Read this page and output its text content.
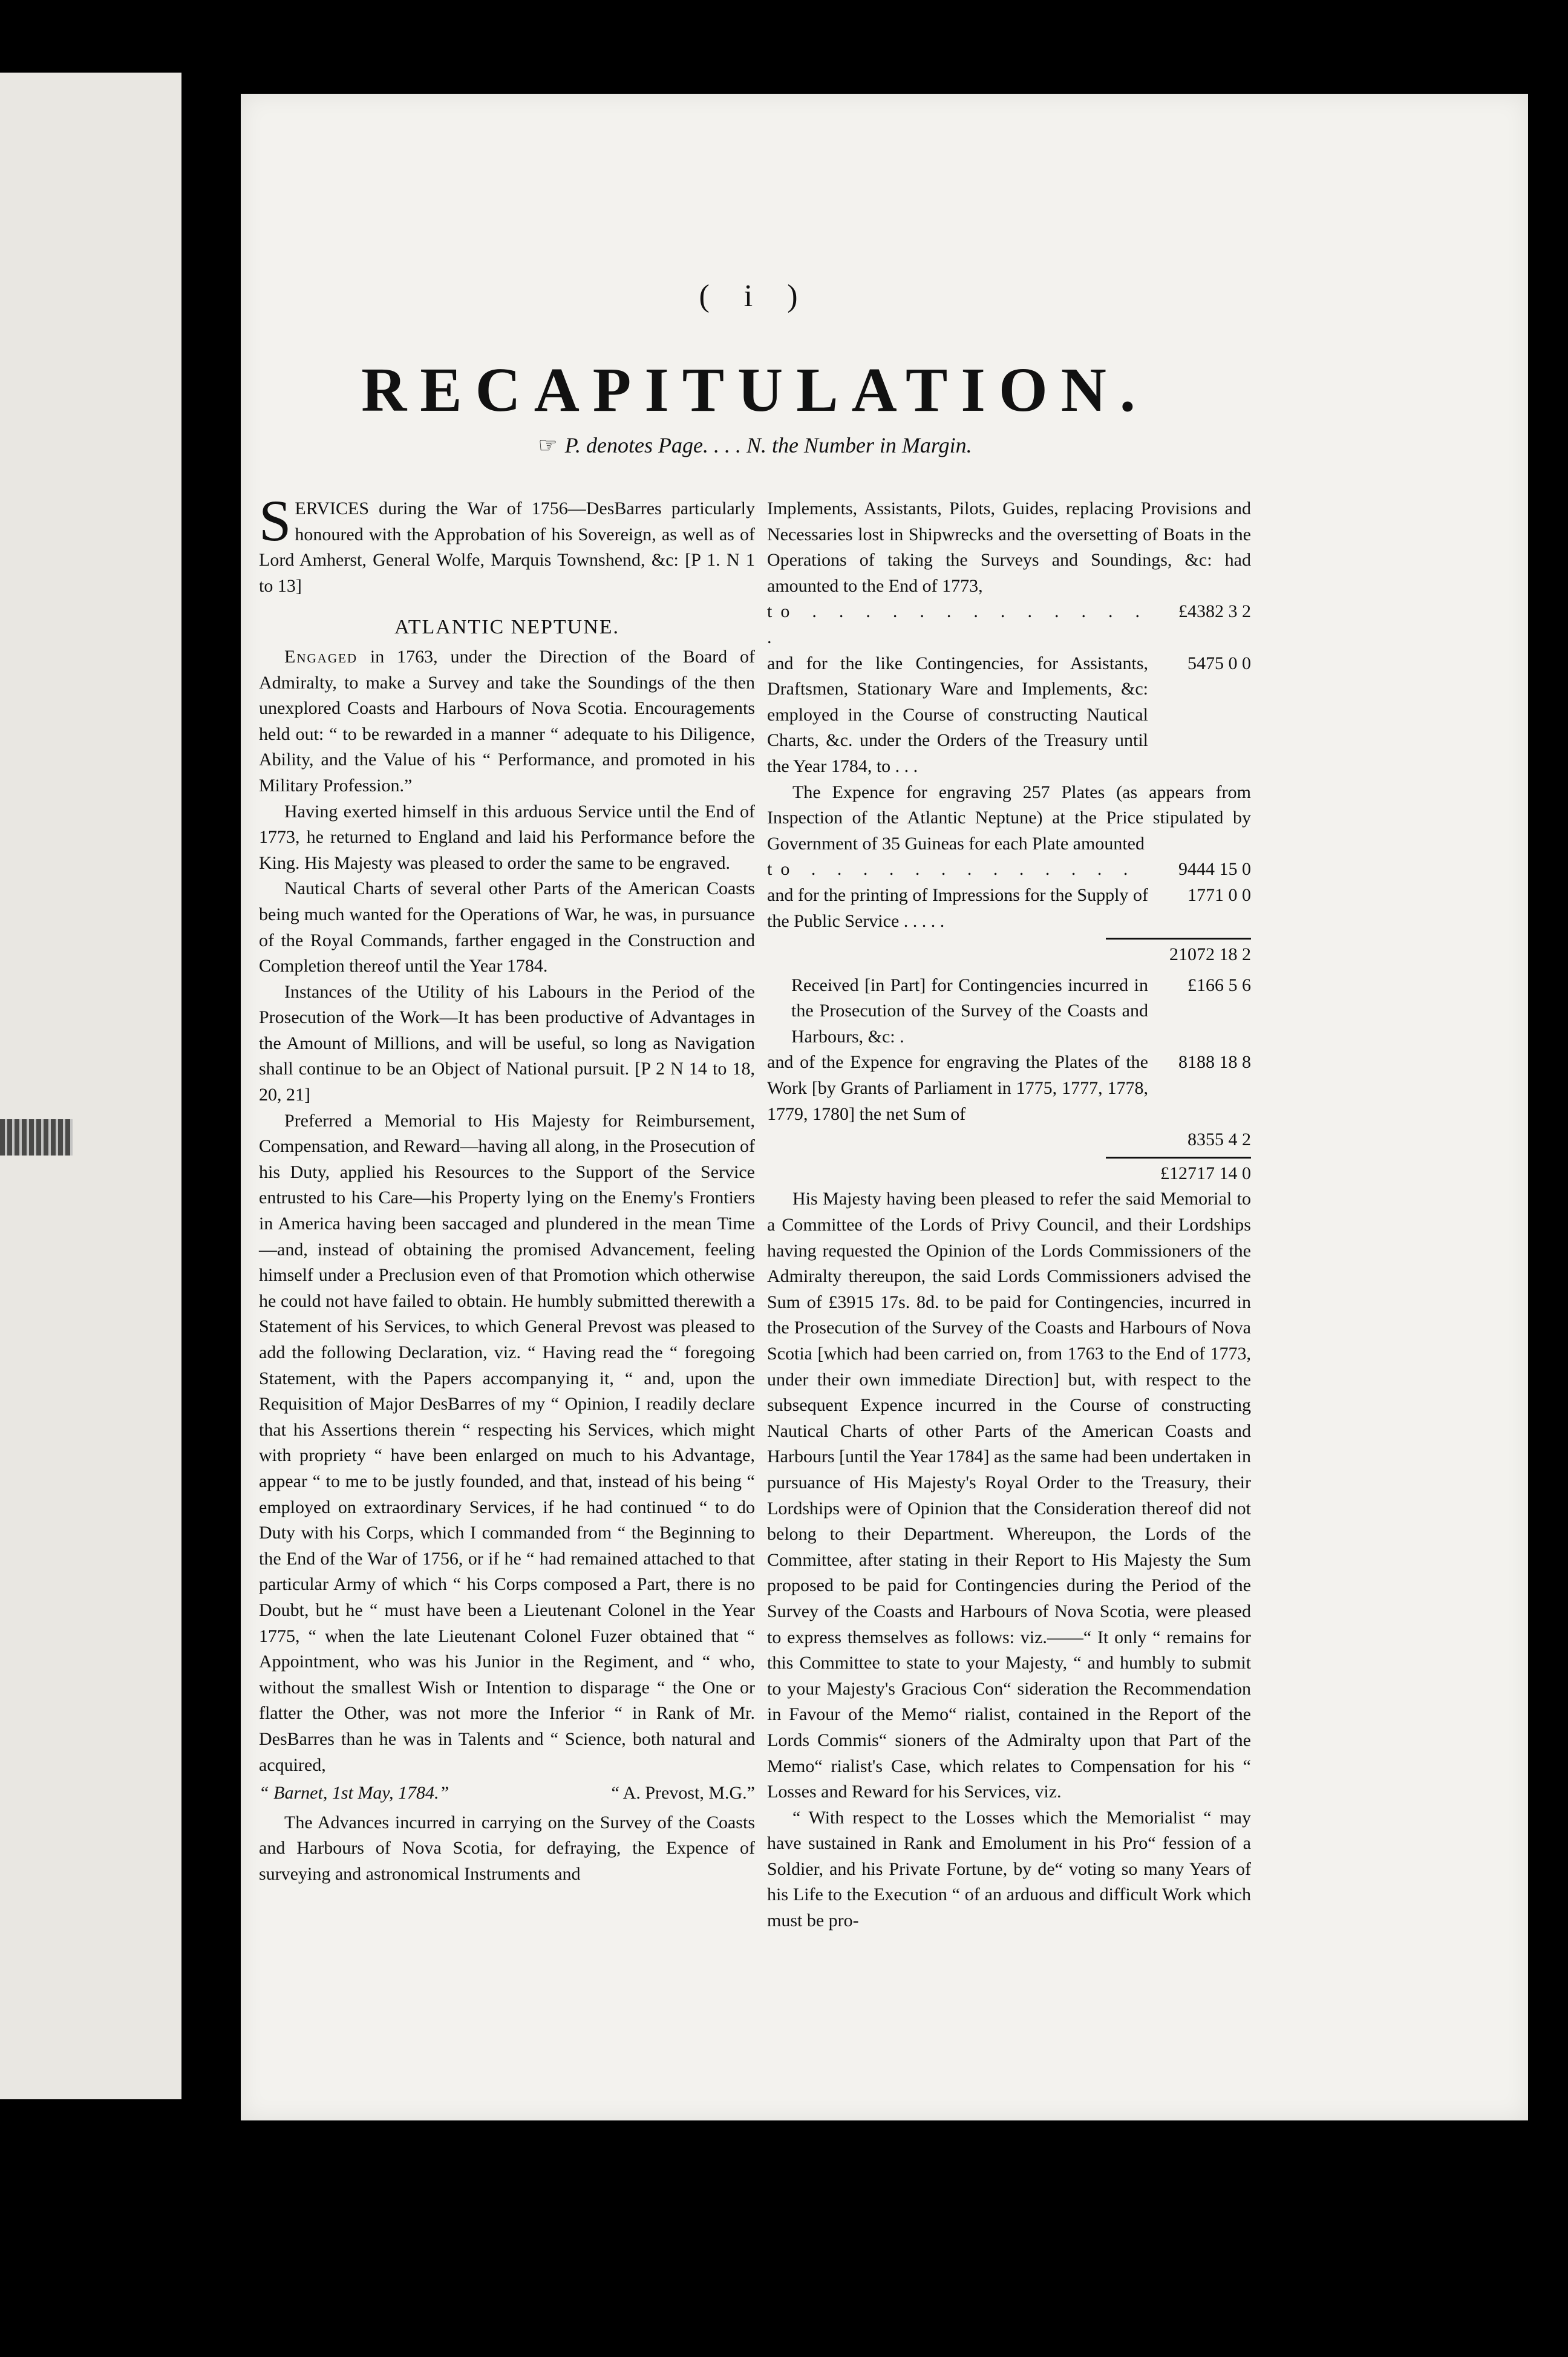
( i )
RECAPITULATION.
☞ P. denotes Page. . . . N. the Number in Margin.

SERVICES during the War of 1756—DesBarres particularly honoured with the Approbation of his Sovereign, as well as of Lord Amherst, General Wolfe, Marquis Townshend, &c: [P 1. N 1 to 13]

ATLANTIC NEPTUNE.

Engaged in 1763, under the Direction of the Board of Admiralty, to make a Survey and take the Soundings of the then unexplored Coasts and Harbours of Nova Scotia. Encouragements held out: “ to be rewarded in a manner “ adequate to his Diligence, Ability, and the Value of his “ Performance, and promoted in his Military Profession.”

Having exerted himself in this arduous Service until the End of 1773, he returned to England and laid his Performance before the King. His Majesty was pleased to order the same to be engraved.

Nautical Charts of several other Parts of the American Coasts being much wanted for the Operations of War, he was, in pursuance of the Royal Commands, farther engaged in the Construction and Completion thereof until the Year 1784.

Instances of the Utility of his Labours in the Period of the Prosecution of the Work—It has been productive of Advantages in the Amount of Millions, and will be useful, so long as Navigation shall continue to be an Object of National pursuit. [P 2 N 14 to 18, 20, 21]

Preferred a Memorial to His Majesty for Reimbursement, Compensation, and Reward—having all along, in the Prosecution of his Duty, applied his Resources to the Support of the Service entrusted to his Care—his Property lying on the Enemy's Frontiers in America having been saccaged and plundered in the mean Time—and, instead of obtaining the promised Advancement, feeling himself under a Preclusion even of that Promotion which otherwise he could not have failed to obtain. He humbly submitted therewith a Statement of his Services, to which General Prevost was pleased to add the following Declaration, viz. “ Having read the “ foregoing Statement, with the Papers accompanying it, “ and, upon the Requisition of Major DesBarres of my “ Opinion, I readily declare that his Assertions therein “ respecting his Services, which might with propriety “ have been enlarged on much to his Advantage, appear “ to me to be justly founded, and that, instead of his being “ employed on extraordinary Services, if he had continued “ to do Duty with his Corps, which I commanded from “ the Beginning to the End of the War of 1756, or if he “ had remained attached to that particular Army of which “ his Corps composed a Part, there is no Doubt, but he “ must have been a Lieutenant Colonel in the Year 1775, “ when the late Lieutenant Colonel Fuzer obtained that “ Appointment, who was his Junior in the Regiment, and “ who, without the smallest Wish or Intention to disparage “ the One or flatter the Other, was not more the Inferior “ in Rank of Mr. DesBarres than he was in Talents and “ Science, both natural and acquired,

“ Barnet, 1st May, 1784.”	“ A. Prevost, M.G.”

The Advances incurred in carrying on the Survey of the Coasts and Harbours of Nova Scotia, for defraying, the Expence of surveying and astronomical Instruments and

Implements, Assistants, Pilots, Guides, replacing Provisions and Necessaries lost in Shipwrecks and the oversetting of Boats in the Operations of taking the Surveys and Soundings, &c: had amounted to the End of 1773,

to . . . . . . . . . . . . . .
£4382 3 2
and for the like Contingencies, for Assistants, Draftsmen, Stationary Ware and Implements, &c: employed in the Course of constructing Nautical Charts, &c. under the Orders of the Treasury until the Year 1784, to . . .
5475 0 0

The Expence for engraving 257 Plates (as appears from Inspection of the Atlantic Neptune) at the Price stipulated by Government of 35 Guineas for each Plate amounted

to . . . . . . . . . . . . .	9444 15 0
and for the printing of Impressions for the Supply of the Public Service . . . . .
1771 0 0
21072 18 2
Received [in Part] for Contingencies incurred in the Prosecution of the Survey of the Coasts and Harbours, &c: .
£166 5 6
and of the Expence for engraving the Plates of the Work [by Grants of Parliament in 1775, 1777, 1778, 1779, 1780] the net Sum of
8188 18 8
8355 4 2
£12717 14 0

His Majesty having been pleased to refer the said Memorial to a Committee of the Lords of Privy Council, and their Lordships having requested the Opinion of the Lords Commissioners of the Admiralty thereupon, the said Lords Commissioners advised the Sum of £3915 17s. 8d. to be paid for Contingencies, incurred in the Prosecution of the Survey of the Coasts and Harbours of Nova Scotia [which had been carried on, from 1763 to the End of 1773, under their own immediate Direction] but, with respect to the subsequent Expence incurred in the Course of constructing Nautical Charts of other Parts of the American Coasts and Harbours [until the Year 1784] as the same had been undertaken in pursuance of His Majesty's Royal Order to the Treasury, their Lordships were of Opinion that the Consideration thereof did not belong to their Department. Whereupon, the Lords of the Committee, after stating in their Report to His Majesty the Sum proposed to be paid for Contingencies during the Period of the Survey of the Coasts and Harbours of Nova Scotia, were pleased to express themselves as follows: viz.——“ It only “ remains for this Committee to state to your Majesty, “ and humbly to submit to your Majesty's Gracious Con“ sideration the Recommendation in Favour of the Memo“ rialist, contained in the Report of the Lords Commis“ sioners of the Admiralty upon that Part of the Memo“ rialist's Case, which relates to Compensation for his “ Losses and Reward for his Services, viz.

“ With respect to the Losses which the Memorialist “ may have sustained in Rank and Emolument in his Pro“ fession of a Soldier, and his Private Fortune, by de“ voting so many Years of his Life to the Execution “ of an arduous and difficult Work which must be pro-
